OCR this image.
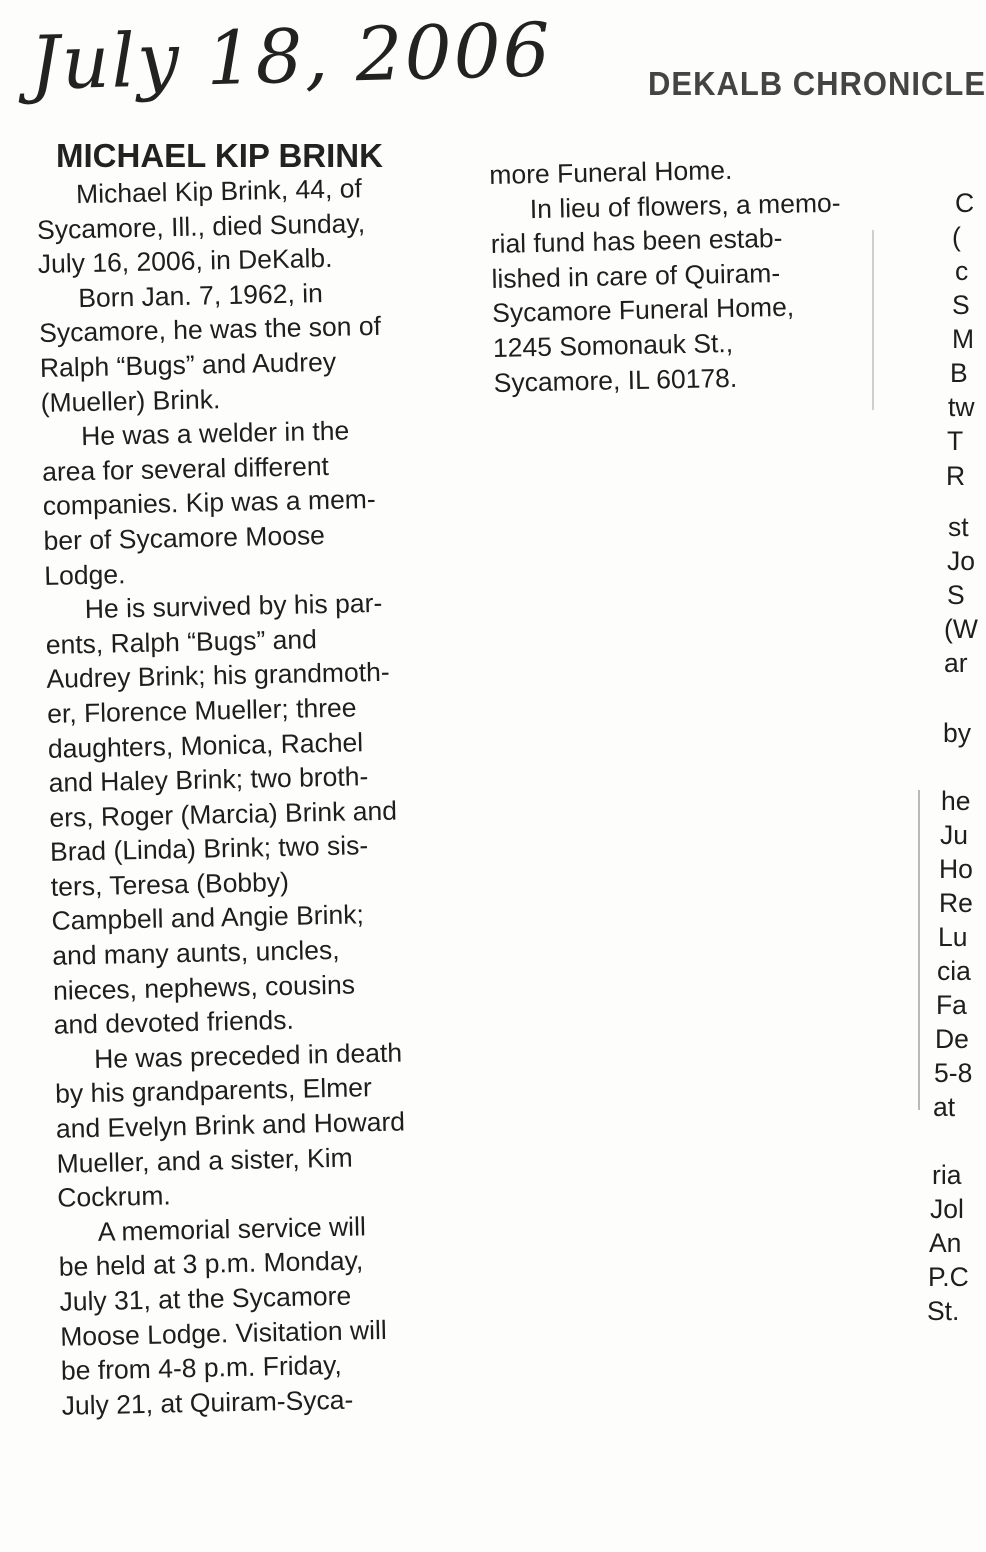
July 18, 2006	DEKALB CHRONICLE
MICHAEL KIP BRINK
  Michael Kip Brink, 44, of
Sycamore, Ill., died Sunday,
July 16, 2006, in DeKalb.
  Born Jan. 7, 1962, in
Sycamore, he was the son of
Ralph “Bugs” and Audrey
(Mueller) Brink.
  He was a welder in the
area for several different
companies. Kip was a mem-
ber of Sycamore Moose
Lodge.
  He is survived by his par-
ents, Ralph “Bugs” and
Audrey Brink; his grandmoth-
er, Florence Mueller; three
daughters, Monica, Rachel
and Haley Brink; two broth-
ers, Roger (Marcia) Brink and
Brad (Linda) Brink; two sis-
ters, Teresa (Bobby)
Campbell and Angie Brink;
and many aunts, uncles,
nieces, nephews, cousins
and devoted friends.
  He was preceded in death
by his grandparents, Elmer
and Evelyn Brink and Howard
Mueller, and a sister, Kim
Cockrum.
  A memorial service will
be held at 3 p.m. Monday,
July 31, at the Sycamore
Moose Lodge. Visitation will
be from 4-8 p.m. Friday,
July 21, at Quiram-Syca-
more Funeral Home.
  In lieu of flowers, a memo-
rial fund has been estab-
lished in care of Quiram-
Sycamore Funeral Home,
1245 Somonauk St.,
Sycamore, IL 60178.
C
(
c
S
M
B
tw
T
R
st
Jo
S
(W
ar
by
he
Ju
Ho
Re
Lu
cia
Fa
De
5-8
at
ria
Jol
An
P.C
St.
